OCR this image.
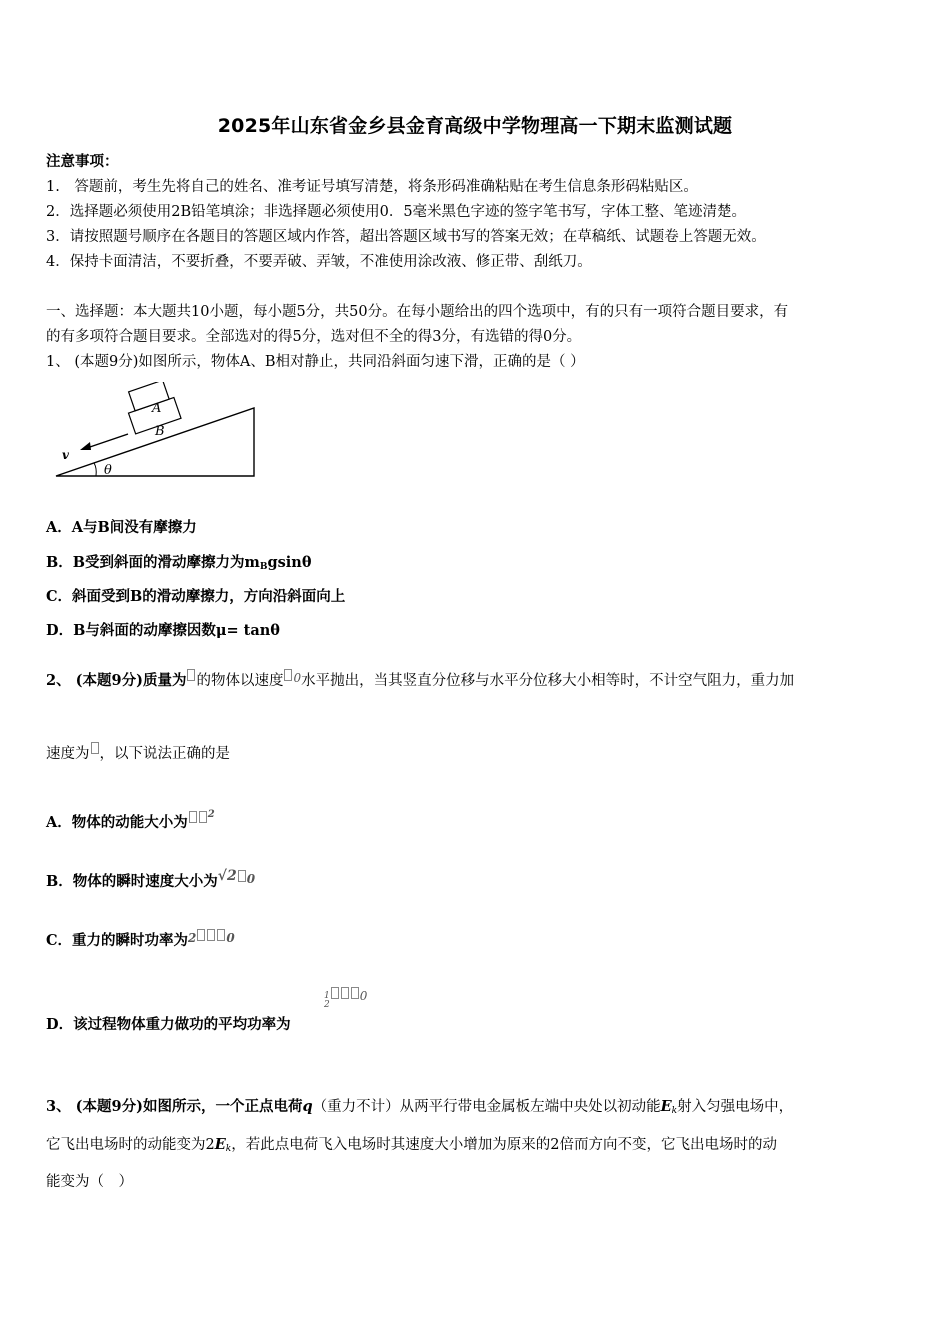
2025年山东省金乡县金育高级中学物理高一下期末监测试题
注意事项：
1.　答题前，考生先将自己的姓名、准考证号填写清楚，将条形码准确粘贴在考生信息条形码粘贴区。
2．选择题必须使用2B铅笔填涂；非选择题必须使用0．5毫米黑色字迹的签字笔书写，字体工整、笔迹清楚。
3．请按照题号顺序在各题目的答题区域内作答，超出答题区域书写的答案无效；在草稿纸、试题卷上答题无效。
4．保持卡面清洁，不要折叠，不要弄破、弄皱，不准使用涂改液、修正带、刮纸刀。
一、选择题：本大题共10小题，每小题5分，共50分。在每小题给出的四个选项中，有的只有一项符合题目要求，有
的有多项符合题目要求。全部选对的得5分，选对但不全的得3分，有选错的得0分。
1、 (本题9分)如图所示，物体A、B相对静止，共同沿斜面匀速下滑，正确的是（ ）
A
B
v
θ
A．A与B间没有摩擦力
B．B受到斜面的滑动摩擦力为$m_Bgsin\theta$
C．斜面受到B的滑动摩擦力，方向沿斜面向上
D．B与斜面的动摩擦因数μ= tanθ
2、 (本题9分)质量为 的物体以速度 $^0$水平抛出，当其竖直分位移与水平分位移大小相等时，不计空气阻力，重力加
速度为 ，以下说法正确的是
A．物体的动能大小为 $^2$
B．物体的瞬时速度大小为√2 $^0$
C．重力的瞬时功率为$^2$	$^0$
1
$2^0$
D．该过程物体重力做功的平均功率为
3、 (本题9分)如图所示，一个正点电荷q（重力不计）从两平行带电金属板左端中央处以初动能$E_k$射入匀强电场中，
它飞出电场时的动能变为$2E_k$，若此点电荷飞入电场时其速度大小增加为原来的2倍而方向不变，它飞出电场时的动
能变为（　）
